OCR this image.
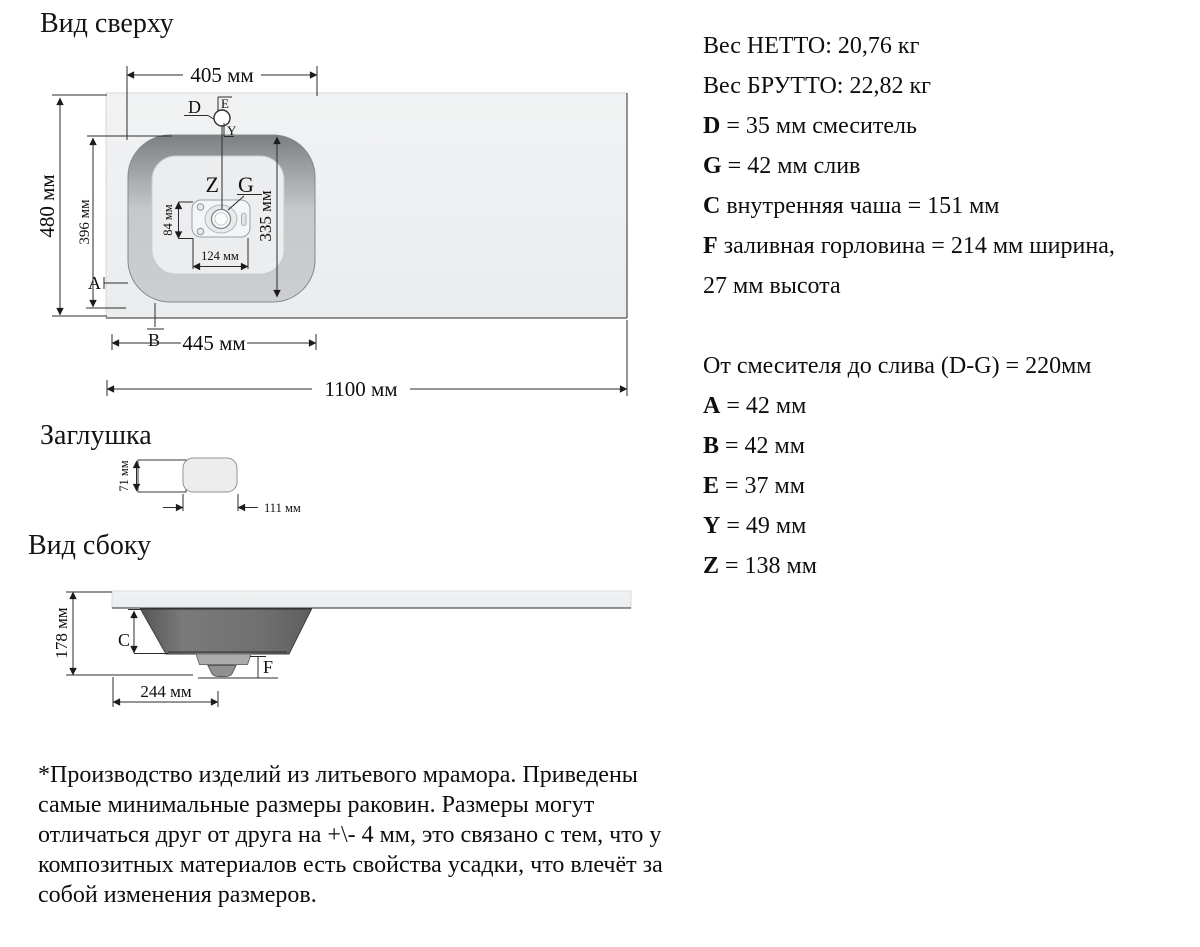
D E
Y
Z G
A
B
405 мм
480 мм 396 мм	84 мм
124 мм
335 мм
445 мм
1100 мм
71 мм
111 мм
178 мм	C
F
244 мм
Вид сверху
Заглушка
Вид сбоку
Вес НЕТТО: 20,76 кг
Вес БРУТТО: 22,82 кг
D = 35 мм смеситель
G = 42 мм слив
C внутренняя чаша = 151 мм
F заливная горловина = 214 мм ширина,
27 мм высота
От смесителя до слива (D-G) = 220мм
A = 42 мм
B = 42 мм
E = 37 мм
Y = 49 мм
Z = 138 мм
*Производство изделий из литьевого мрамора. Приведены
самые минимальные размеры раковин. Размеры могут
отличаться друг от друга на +\- 4 мм, это связано с тем, что у
композитных материалов есть свойства усадки, что влечёт за
собой изменения размеров.
